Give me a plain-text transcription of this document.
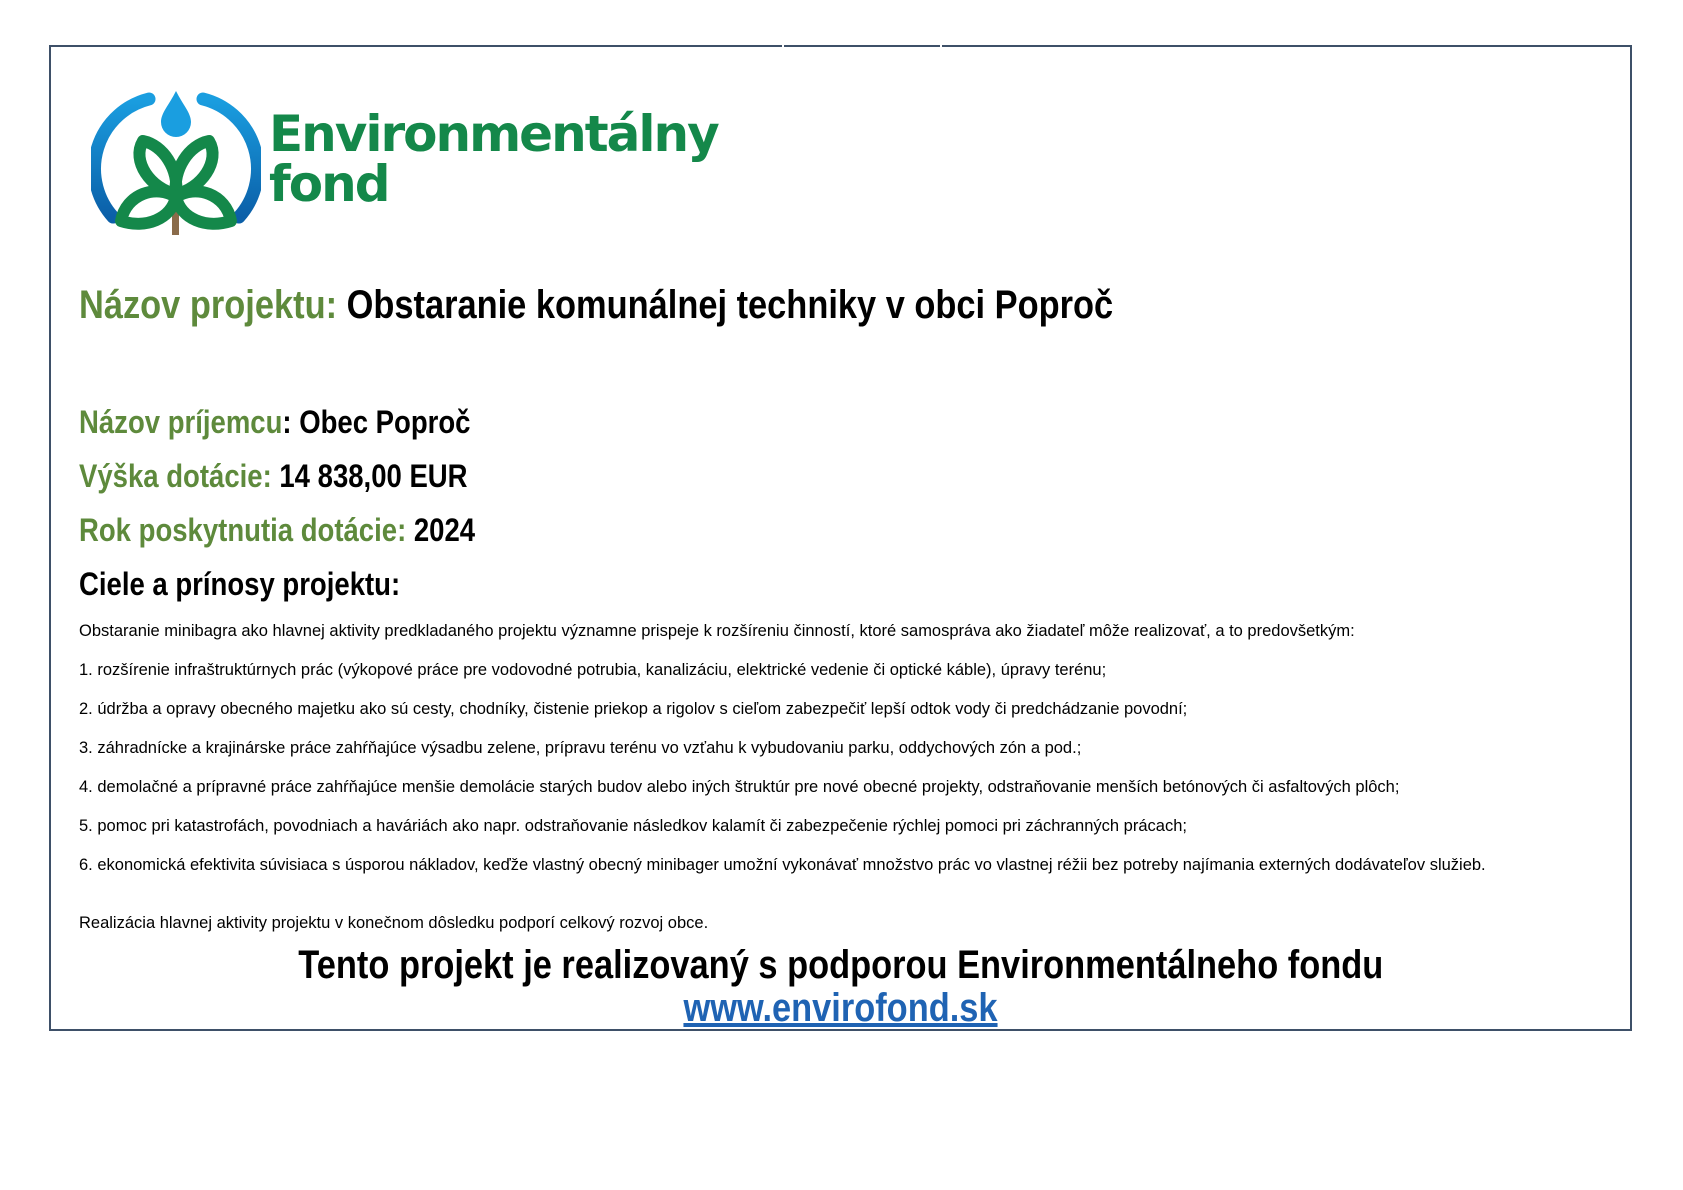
Environmentálny
fond
Názov projektu: Obstaranie komunálnej techniky v obci Poproč
Názov príjemcu: Obec Poproč
Výška dotácie: 14 838,00 EUR
Rok poskytnutia dotácie: 2024
Ciele a prínosy projektu:

Obstaranie minibagra ako hlavnej aktivity predkladaného projektu významne prispeje k rozšíreniu činností, ktoré samospráva ako žiadateľ môže realizovať, a to predovšetkým:

1. rozšírenie infraštruktúrnych prác (výkopové práce pre vodovodné potrubia, kanalizáciu, elektrické vedenie či optické káble), úpravy terénu;

2. údržba a opravy obecného majetku ako sú cesty, chodníky, čistenie priekop a rigolov s cieľom zabezpečiť lepší odtok vody či predchádzanie povodní;

3. záhradnícke a krajinárske práce zahŕňajúce výsadbu zelene, prípravu terénu vo vzťahu k vybudovaniu parku, oddychových zón a pod.;

4. demolačné a prípravné práce zahŕňajúce menšie demolácie starých budov alebo iných štruktúr pre nové obecné projekty, odstraňovanie menších betónových či asfaltových plôch;

5. pomoc pri katastrofách, povodniach a haváriách ako napr. odstraňovanie následkov kalamít či zabezpečenie rýchlej pomoci pri záchranných prácach;

6. ekonomická efektivita súvisiaca s úsporou nákladov, keďže vlastný obecný minibager umožní vykonávať množstvo prác vo vlastnej réžii bez potreby najímania externých dodávateľov služieb.

Realizácia hlavnej aktivity projektu v konečnom dôsledku podporí celkový rozvoj obce.

Tento projekt je realizovaný s podporou Environmentálneho fondu
www.envirofond.sk
